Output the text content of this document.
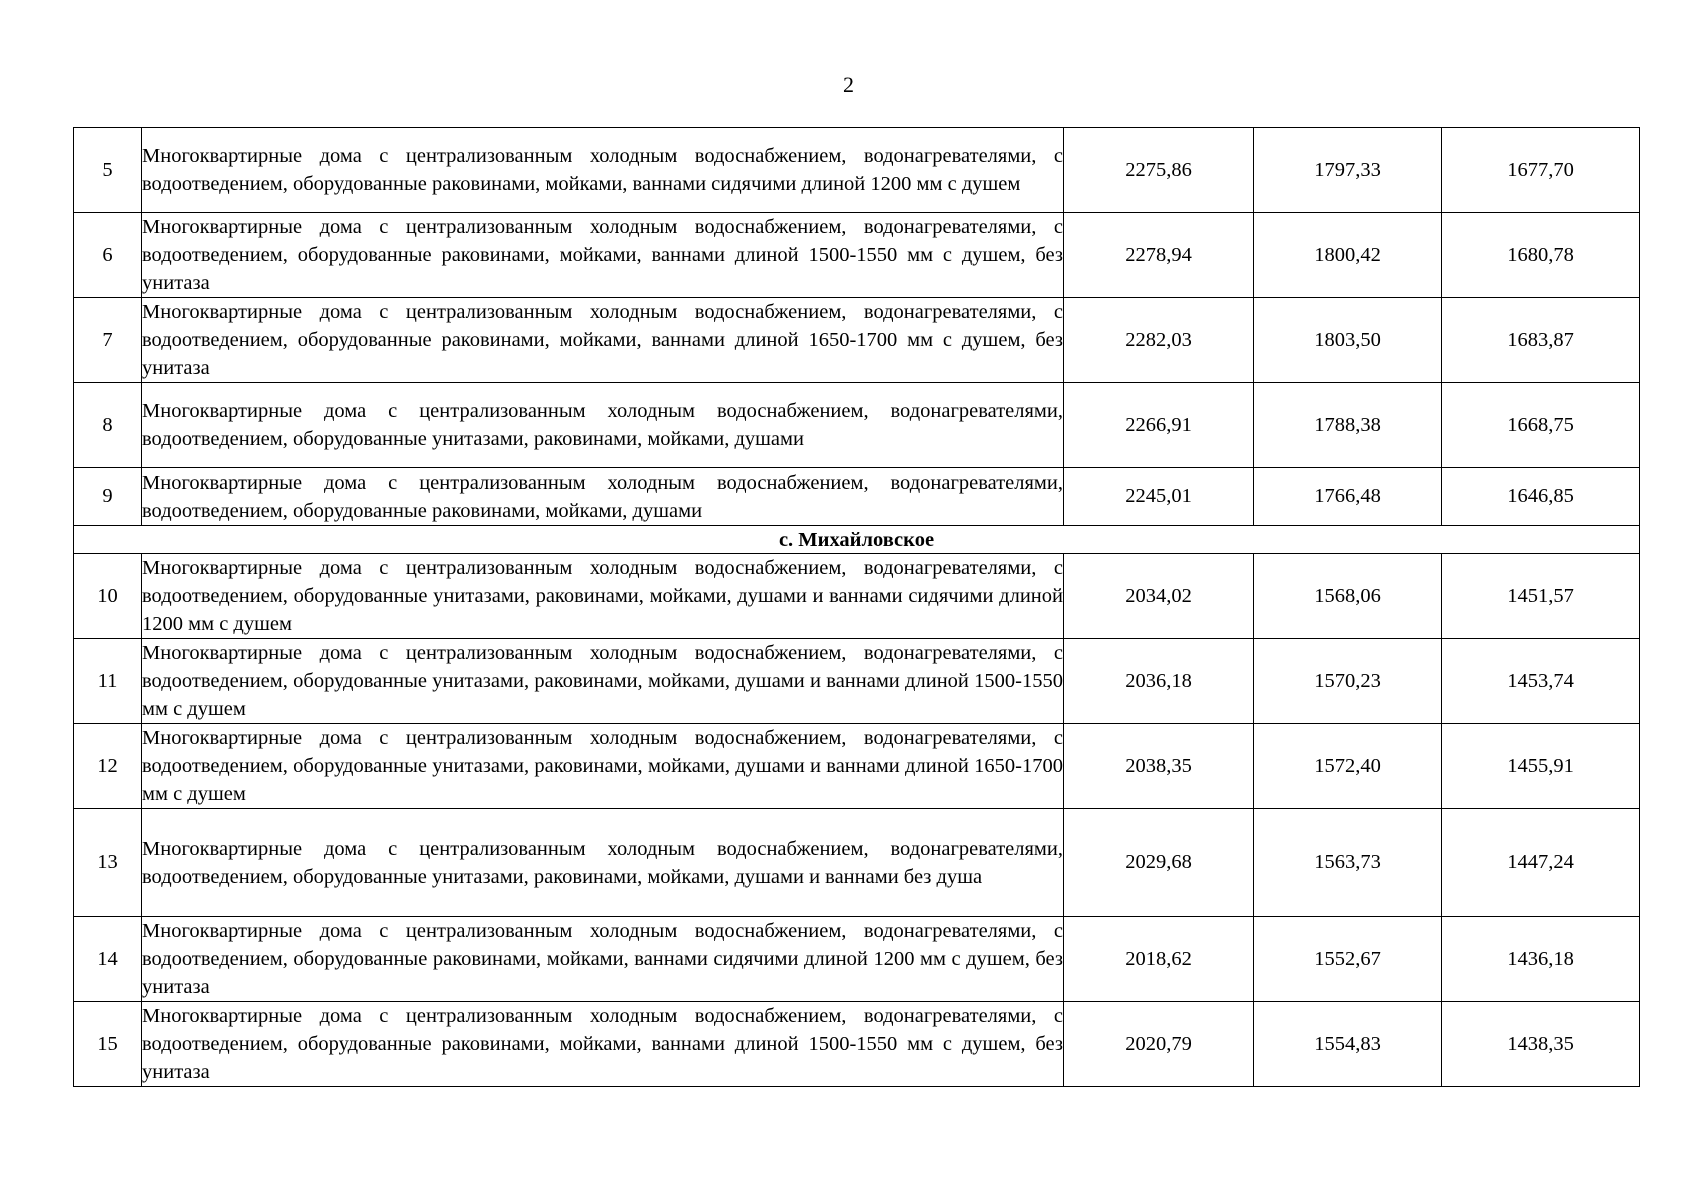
2
5	Многоквартирные дома с централизованным холодным водоснабжением, водонагревателями, с водоотведением, оборудованные раковинами, мойками, ваннами сидячими длиной 1200 мм с душем	2275,86	1797,33	1677,70
6	Многоквартирные дома с централизованным холодным водоснабжением, водонагревателями, с водоотведением, оборудованные раковинами, мойками, ваннами длиной 1500-1550 мм с душем, без унитаза	2278,94	1800,42	1680,78
7	Многоквартирные дома с централизованным холодным водоснабжением, водонагревателями, с водоотведением, оборудованные раковинами, мойками, ваннами длиной 1650-1700 мм с душем, без унитаза	2282,03	1803,50	1683,87
8	Многоквартирные дома с централизованным холодным водоснабжением, водонагревателями, водоотведением, оборудованные унитазами, раковинами, мойками, душами	2266,91	1788,38	1668,75
9	Многоквартирные дома с централизованным холодным водоснабжением, водонагревателями, водоотведением, оборудованные раковинами, мойками, душами	2245,01	1766,48	1646,85
с. Михайловское				
10	Многоквартирные дома с централизованным холодным водоснабжением, водонагревателями, с водоотведением, оборудованные унитазами, раковинами, мойками, душами и ваннами сидячими длиной 1200 мм с душем	2034,02	1568,06	1451,57
11	Многоквартирные дома с централизованным холодным водоснабжением, водонагревателями, с водоотведением, оборудованные унитазами, раковинами, мойками, душами и ваннами длиной 1500-1550 мм с душем	2036,18	1570,23	1453,74
12	Многоквартирные дома с централизованным холодным водоснабжением, водонагревателями, с водоотведением, оборудованные унитазами, раковинами, мойками, душами и ваннами длиной 1650-1700 мм с душем	2038,35	1572,40	1455,91
13	Многоквартирные дома с централизованным холодным водоснабжением, водонагревателями, водоотведением, оборудованные унитазами, раковинами, мойками, душами и ваннами без душа	2029,68	1563,73	1447,24
14	Многоквартирные дома с централизованным холодным водоснабжением, водонагревателями, с водоотведением, оборудованные раковинами, мойками, ваннами сидячими длиной 1200 мм с душем, без унитаза	2018,62	1552,67	1436,18
15	Многоквартирные дома с централизованным холодным водоснабжением, водонагревателями, с водоотведением, оборудованные раковинами, мойками, ваннами длиной 1500-1550 мм с душем, без унитаза	2020,79	1554,83	1438,35
